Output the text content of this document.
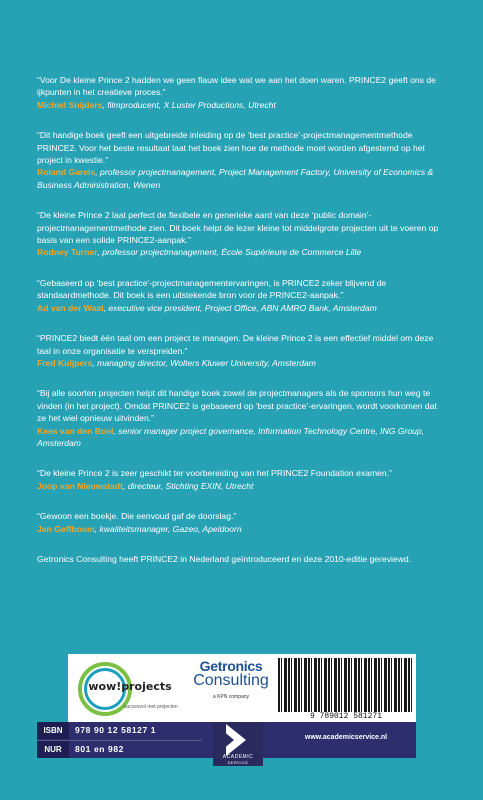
“Voor De kleine Prince 2 hadden we geen flauw idee wat we aan het doen waren. PRINCE2 geeft ons de ijkpunten in het creatieve proces.”
Michiel Snijders, filmproducent, X Luster Productions, Utrecht
“Dit handige boek geeft een uitgebreide inleiding op de ‘best practice’-projectmanagementmethode PRINCE2. Voor het beste resultaat laat het boek zien hoe de methode moet worden afgestemd op het project in kwestie.”
Roland Gareis, professor projectmanagement, Project Management Factory, University of Economics & Business Administration, Wenen
“De kleine Prince 2 laat perfect de flexibele en generieke aard van deze ‘public domain’-projectmanagementmethode zien. Dit boek helpt de lezer kleine tot middelgrote projecten uit te voeren op basis van een solide PRINCE2-aanpak.”
Rodney Turner, professor projectmanagement, École Supérieure de Commerce Lille
“Gebaseerd op ‘best practice’-projectmanagementervaringen, is PRINCE2 zeker blijvend de standaardmethode. Dit boek is een uitstekende bron voor de PRINCE2-aanpak.”
Ad van der Waal, executive vice president, Project Office, ABN AMRO Bank, Amsterdam
“PRINCE2 biedt één taal om een project te managen. De kleine Prince 2 is een effectief middel om deze taal in onze organisatie te verspreiden.”
Fred Kuijpers, managing director, Wolters Kluwer University, Amsterdam
“Bij alle soorten projecten helpt dit handige boek zowel de projectmanagers als de sponsors hun weg te vinden (in het project). Omdat PRINCE2 is gebaseerd op ‘best practice’-ervaringen, wordt voorkomen dat ze het wiel opnieuw uitvinden.”
Kees van den Boel, senior manager project governance, Information Technology Centre, ING Group, Amsterdam
“De kleine Prince 2 is zeer geschikt ter voorbereiding van het PRINCE2 Foundation examen.”
Joop van Nieuwstadt, directeur, Stichting EXIN, Utrecht
“Gewoon een boekje. Die eenvoud gaf de doorslag.”
Jan Geffboom, kwaliteitsmanager, Gazeo, Apeldoorn
Getronics Consulting heeft PRINCE2 in Nederland geïntroduceerd en deze 2010-editie gereviewd.
wow!projects
succesvol met projecten
Getronics
Consulting
a KPN company
9 789012 581271
ISBN	978 90 12 58127 1
NUR	801 en 982
ACADEMIC
SERVICE
www.academicservice.nl
